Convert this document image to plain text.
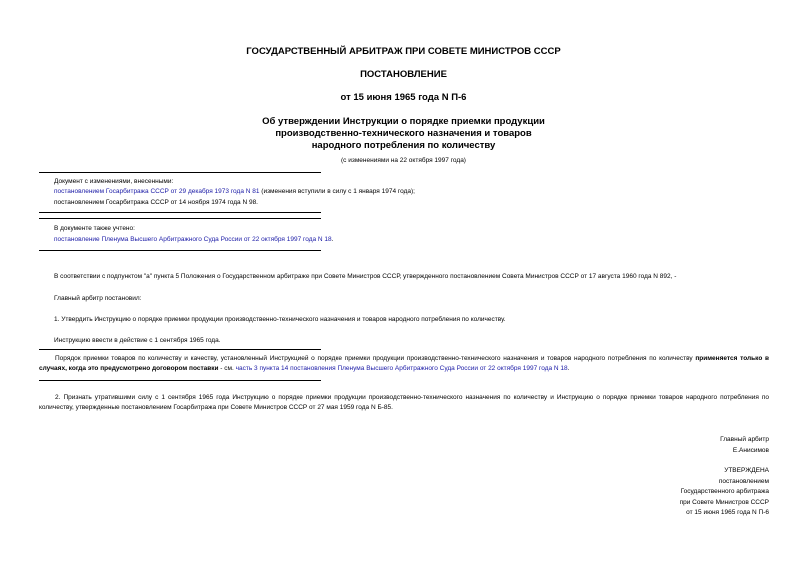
ГОСУДАРСТВЕННЫЙ АРБИТРАЖ ПРИ СОВЕТЕ МИНИСТРОВ СССР
ПОСТАНОВЛЕНИЕ
от 15 июня 1965 года N П-6
Об утверждении Инструкции о порядке приемки продукции
производственно-технического назначения и товаров
народного потребления по количеству
(с изменениями на 22 октября 1997 года)
Документ с изменениями, внесенными:
постановлением Госарбитража СССР от 29 декабря 1973 года N 81 (изменения вступили в силу с 1 января 1974 года);
постановлением Госарбитража СССР от 14 ноября 1974 года N 98.
В документе также учтено:
постановление Пленума Высшего Арбитражного Суда России от 22 октября 1997 года N 18.
В соответствии с подпунктом "а" пункта 5 Положения о Государственном арбитраже при Совете Министров СССР, утвержденного постановлением Совета Министров СССР от 17 августа 1960 года N 892, -
Главный арбитр постановил:
1. Утвердить Инструкцию о порядке приемки продукции производственно-технического назначения и товаров народного потребления по количеству.
Инструкцию ввести в действие с 1 сентября 1965 года.
Порядок приемки товаров по количеству и качеству, установленный Инструкцией о порядке приемки продукции производственно-технического назначения и товаров народного потребления по количеству применяется только в случаях, когда это предусмотрено договором поставки - см. часть 3 пункта 14 постановления Пленума Высшего Арбитражного Суда России от 22 октября 1997 года N 18.
2. Признать утратившими силу с 1 сентября 1965 года Инструкцию о порядке приемки продукции производственно-технического назначения по количеству и Инструкцию о порядке приемки товаров народного потребления по количеству, утвержденные постановлением Госарбитража при Совете Министров СССР от 27 мая 1959 года N Б-85.
Главный арбитр
Е.Анисимов
УТВЕРЖДЕНА
постановлением
Государственного арбитража
при Совете Министров СССР
от 15 июня 1965 года N П-6
